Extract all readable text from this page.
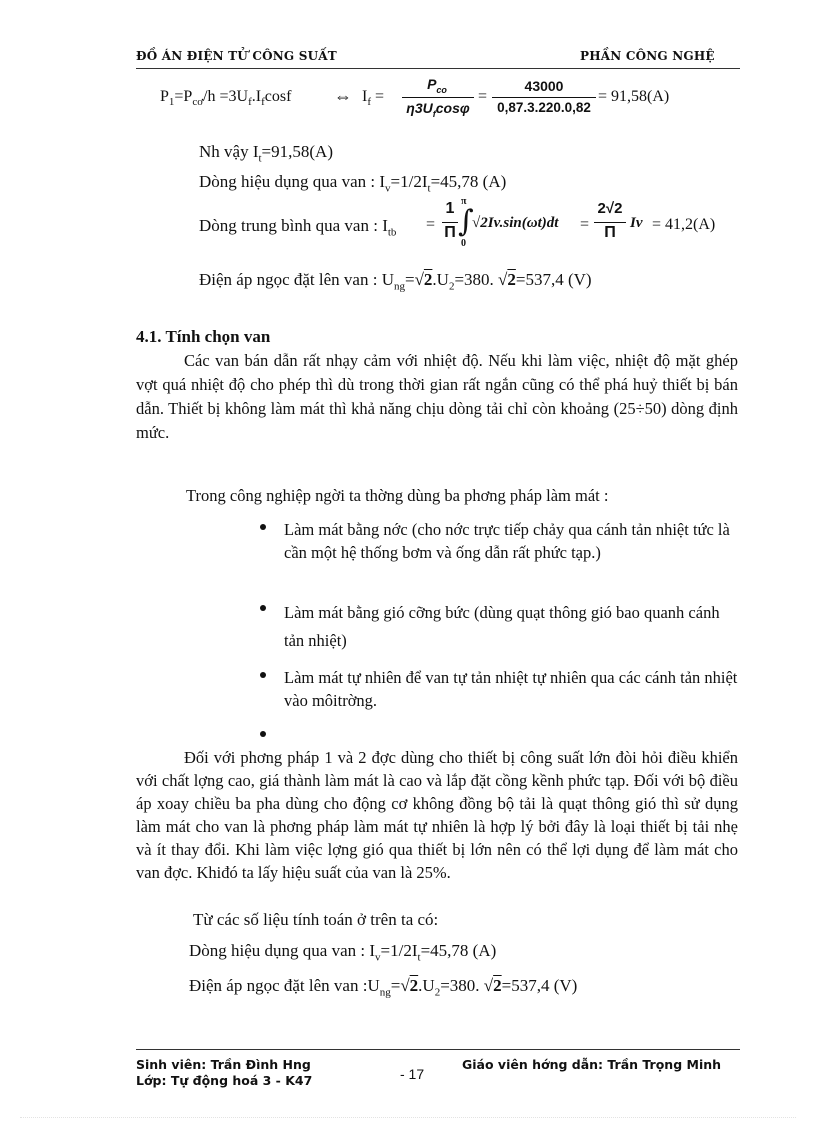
ĐỒ ÁN ĐIỆN TỬ CÔNG SUẤT	PHẦN CÔNG NGHỆ
$P_1=P_{cơ}/h =3U_f.I_f\cos f$ ⇔ $I_f$ =
$P_{co}$
$\eta 3U_f\cos\varphi$
=
43000
0,87.3.220.0,82
= 91,58(A)
Nh vậy $I_t=91,58(A)$
Dòng hiệu dụng qua van : $I_v=1/2I_t=45,78$ (A)
Dòng trung bình qua van : $I_{tb}$ =
1
Π
π
∫
0
√2Iv.sin(ωt)dt =
2√2
Π
Iv = 41,2(A)
Điện áp ngọc đặt lên van : $U_{ng}=√2.U_2=380$. √2=537,4 (V)
4.1. Tính chọn van

Các van bán dẫn rất nhạy cảm với nhiệt độ. Nếu khi làm việc, nhiệt độ mặt ghép vợt quá nhiệt độ cho phép thì dù trong thời gian rất ngắn cũng có thể phá huỷ thiết bị bán dẫn. Thiết bị không làm mát thì khả năng chịu dòng tải chỉ còn khoảng (25÷50) dòng định mức.

Trong công nghiệp ngời ta thờng dùng ba phơng pháp làm mát :
Làm mát bằng nớc (cho nớc trực tiếp chảy qua cánh tản nhiệt tức là cần một hệ thống bơm và ống dẫn rất phức tạp.)
Làm mát bằng gió cỡng bức (dùng quạt thông gió bao quanh cánh tản nhiệt)
Làm mát tự nhiên để van tự tản nhiệt tự nhiên qua các cánh tản nhiệt vào môitrờng.

Đối với phơng pháp 1 và 2 đợc dùng cho thiết bị công suất lớn đòi hỏi điều khiển với chất lợng cao, giá thành làm mát là cao và lắp đặt cồng kềnh phức tạp. Đối với bộ điều áp xoay chiều ba pha dùng cho động cơ không đồng bộ tải là quạt thông gió thì sử dụng làm mát cho van là phơng pháp làm mát tự nhiên là hợp lý bởi đây là loại thiết bị tải nhẹ và ít thay đổi. Khi làm việc lợng gió qua thiết bị lớn nên có thể lợi dụng để làm mát cho van đợc. Khiđó ta lấy hiệu suất của van là 25%.

Từ các số liệu tính toán ở trên ta có:
Dòng hiệu dụng qua van : $I_v=1/2I_t=45,78$ (A)
Điện áp ngọc đặt lên van $:U_{ng}=√2.U_2=380$. √2=537,4 (V)
Sinh viên: Trần Đình Hng
Lớp: Tự động hoá 3 - K47	- 17
Giáo viên hớng dẫn: Trần Trọng Minh
